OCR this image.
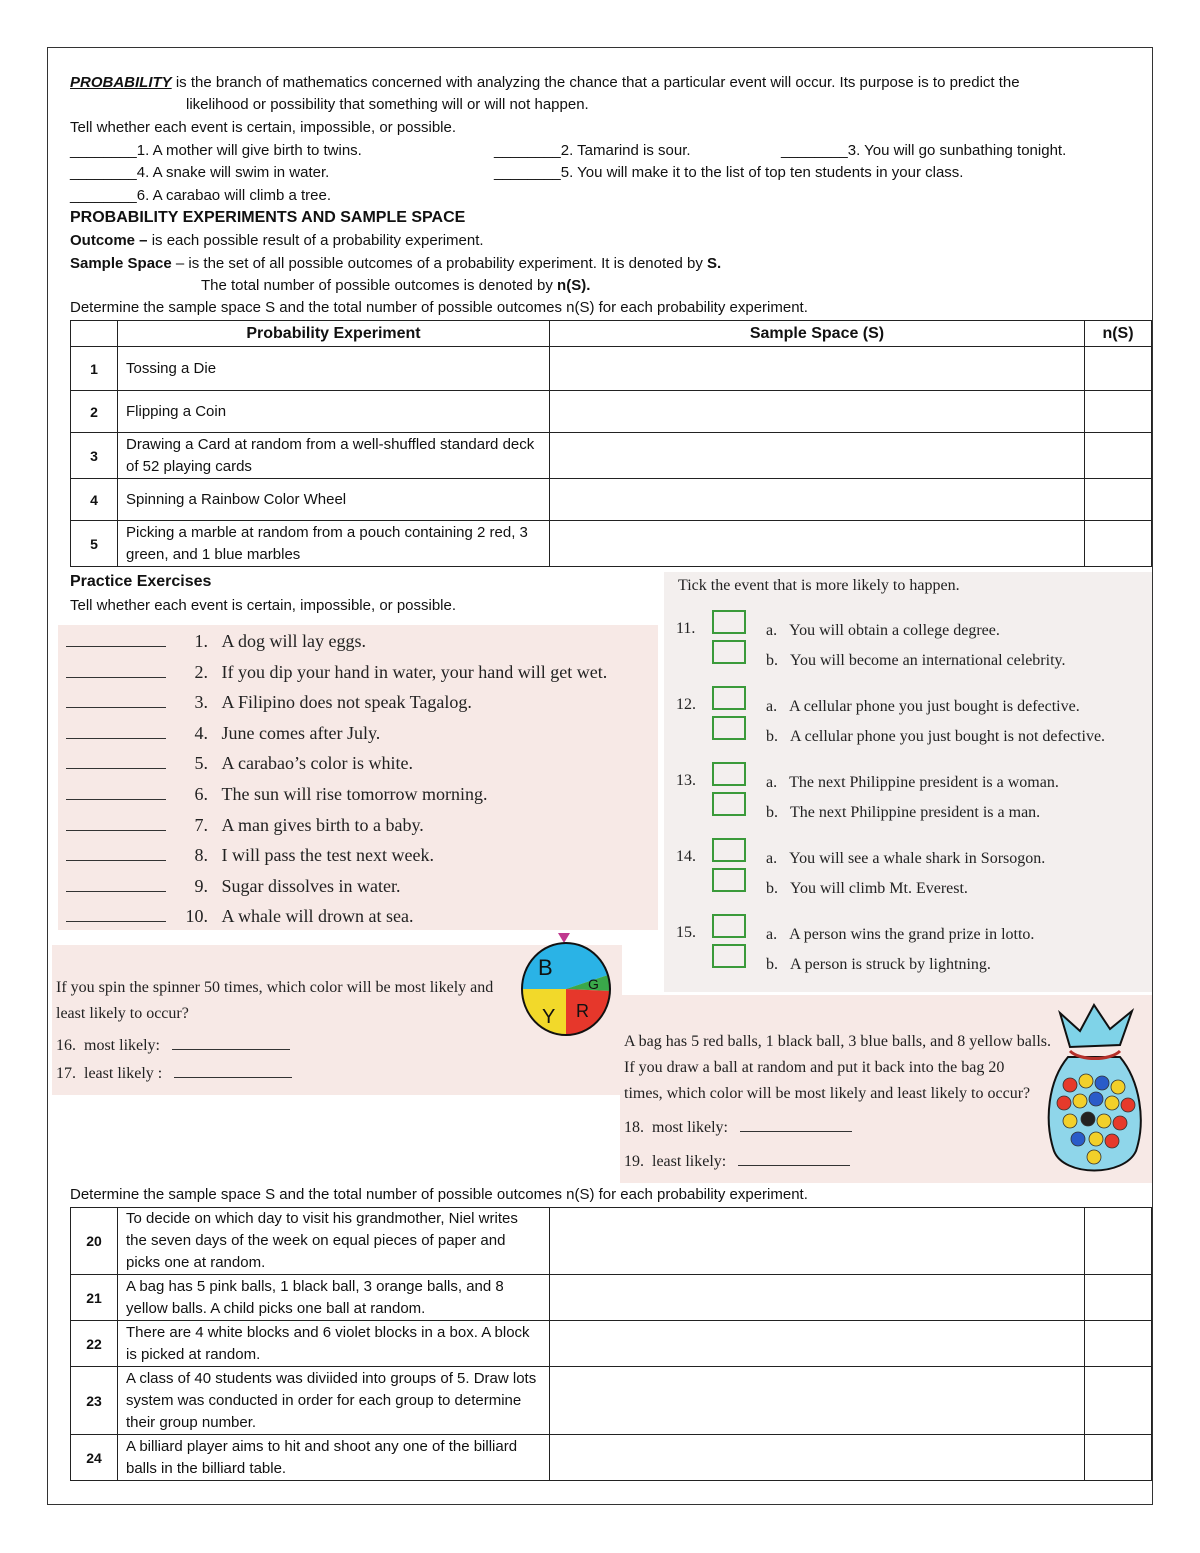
PROBABILITY is the branch of mathematics concerned with analyzing the chance that a particular event will occur. Its purpose is to predict the
likelihood or possibility that something will or will not happen.
Tell whether each event is certain, impossible, or possible.
________1. A mother will give birth to twins.	________2. Tamarind is sour.	________3. You will go sunbathing tonight.
________4. A snake will swim in water.	________5. You will make it to the list of top ten students in your class.
________6. A carabao will climb a tree.
PROBABILITY EXPERIMENTS AND SAMPLE SPACE
Outcome – is each possible result of a probability experiment.
Sample Space – is the set of all possible outcomes of a probability experiment. It is denoted by S.
The total number of possible outcomes is denoted by n(S).
Determine the sample space S and the total number of possible outcomes n(S) for each probability experiment.
	Probability Experiment	Sample Space (S)	n(S)
1	Tossing a Die		
2	Flipping a Coin		
3	Drawing a Card at random from a well-shuffled standard deck of 52 playing cards		
4	Spinning a Rainbow Color Wheel		
5	Picking a marble at random from a pouch containing 2 red, 3 green, and 1 blue marbles		
Practice Exercises
Tell whether each event is certain, impossible, or possible.
1. A dog will lay eggs.
2. If you dip your hand in water, your hand will get wet.
3. A Filipino does not speak Tagalog.
4. June comes after July.
5. A carabao’s color is white.
6. The sun will rise tomorrow morning.
7. A man gives birth to a baby.
8. I will pass the test next week.
9. Sugar dissolves in water.
10. A whale will drown at sea.
Tick the event that is more likely to happen.
11.	a. You will obtain a college degree.
b. You will become an international celebrity.
12.	a. A cellular phone you just bought is defective.
b. A cellular phone you just bought is not defective.
13.	a. The next Philippine president is a woman.
b. The next Philippine president is a man.
14.	a. You will see a whale shark in Sorsogon.
b. You will climb Mt. Everest.
15.	a. A person wins the grand prize in lotto.
b. A person is struck by lightning.
If you spin the spinner 50 times, which color will be most likely and
least likely to occur?
16. most likely:
17. least likely :
B
G
Y R
A bag has 5 red balls, 1 black ball, 3 blue balls, and 8 yellow balls.
If you draw a ball at random and put it back into the bag 20
times, which color will be most likely and least likely to occur?
18. most likely:
19. least likely:
Determine the sample space S and the total number of possible outcomes n(S) for each probability experiment.
20	To decide on which day to visit his grandmother, Niel writes the seven days of the week on equal pieces of paper and picks one at random.		
21	A bag has 5 pink balls, 1 black ball, 3 orange balls, and 8 yellow balls. A child picks one ball at random.		
22	There are 4 white blocks and 6 violet blocks in a box. A block is picked at random.		
23	A class of 40 students was diviided into groups of 5. Draw lots system was conducted in order for each group to determine their group number.		
24	A billiard player aims to hit and shoot any one of the billiard balls in the billiard table.		
